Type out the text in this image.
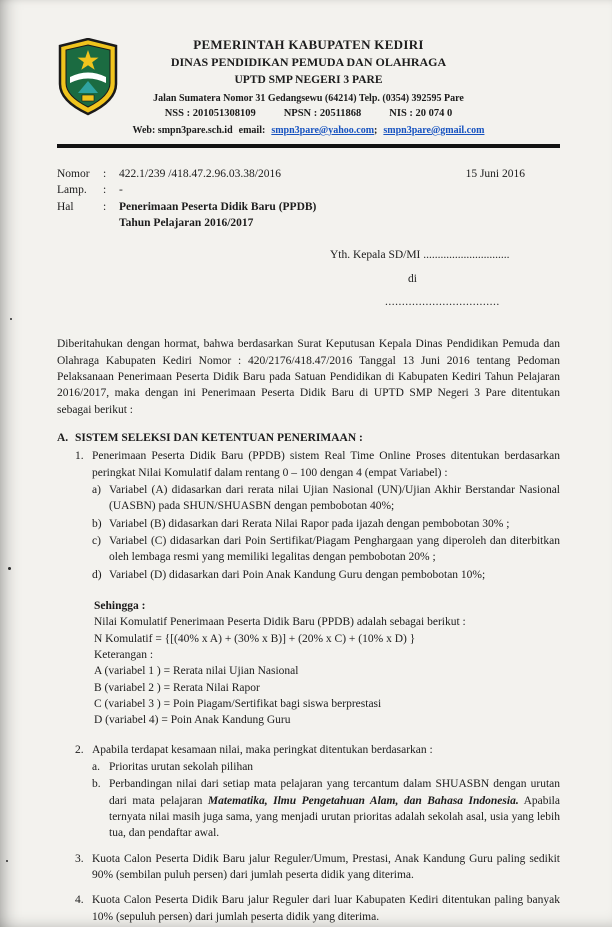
PEMERINTAH KABUPATEN KEDIRI
DINAS PENDIDIKAN PEMUDA DAN OLAHRAGA
UPTD SMP NEGERI 3 PARE
Jalan Sumatera Nomor 31 Gedangsewu (64214) Telp. (0354) 392595 Pare
NSS : 201051308109	NPSN : 20511868	NIS : 20 074 0
Web: smpn3pare.sch.id email: smpn3pare@yahoo.com; smpn3pare@gmail.com
15 Juni 2016
Nomor	:	422.1/239 /418.47.2.96.03.38/2016
Lamp.	:	-
Hal	:	Penerimaan Peserta Didik Baru (PPDB)
Tahun Pelajaran 2016/2017
Yth. Kepala SD/MI ..............................
di
..................................
Diberitahukan dengan hormat, bahwa berdasarkan Surat Keputusan Kepala Dinas Pendidikan Pemuda dan Olahraga Kabupaten Kediri Nomor : 420/2176/418.47/2016 Tanggal 13 Juni 2016 tentang Pedoman Pelaksanaan Penerimaan Peserta Didik Baru pada Satuan Pendidikan di Kabupaten Kediri Tahun Pelajaran 2016/2017, maka dengan ini Penerimaan Peserta Didik Baru di UPTD SMP Negeri 3 Pare ditentukan sebagai berikut :
A. SISTEM SELEKSI DAN KETENTUAN PENERIMAAN :
1. Penerimaan Peserta Didik Baru (PPDB) sistem Real Time Online Proses ditentukan berdasarkan peringkat Nilai Komulatif dalam rentang 0 – 100 dengan 4 (empat Variabel) :
a) Variabel (A) didasarkan dari rerata nilai Ujian Nasional (UN)/Ujian Akhir Berstandar Nasional (UASBN) pada SHUN/SHUASBN dengan pembobotan 40%;
b) Variabel (B) didasarkan dari Rerata Nilai Rapor pada ijazah dengan pembobotan 30% ;
c) Variabel (C) didasarkan dari Poin Sertifikat/Piagam Penghargaan yang diperoleh dan diterbitkan oleh lembaga resmi yang memiliki legalitas dengan pembobotan 20% ;
d) Variabel (D) didasarkan dari Poin Anak Kandung Guru dengan pembobotan 10%;
Sehingga :
Nilai Komulatif Penerimaan Peserta Didik Baru (PPDB) adalah sebagai berikut :
N Komulatif = {[(40% x A) + (30% x B)] + (20% x C) + (10% x D) }
Keterangan :
A (variabel 1 ) = Rerata nilai Ujian Nasional
B (variabel 2 ) = Rerata Nilai Rapor
C (variabel 3 ) = Poin Piagam/Sertifikat bagi siswa berprestasi
D (variabel 4) = Poin Anak Kandung Guru
2. Apabila terdapat kesamaan nilai, maka peringkat ditentukan berdasarkan :
a. Prioritas urutan sekolah pilihan
b. Perbandingan nilai dari setiap mata pelajaran yang tercantum dalam SHUASBN dengan urutan dari mata pelajaran Matematika, Ilmu Pengetahuan Alam, dan Bahasa Indonesia. Apabila ternyata nilai masih juga sama, yang menjadi urutan prioritas adalah sekolah asal, usia yang lebih tua, dan pendaftar awal.
3. Kuota Calon Peserta Didik Baru jalur Reguler/Umum, Prestasi, Anak Kandung Guru paling sedikit 90% (sembilan puluh persen) dari jumlah peserta didik yang diterima.
4. Kuota Calon Peserta Didik Baru jalur Reguler dari luar Kabupaten Kediri ditentukan paling banyak 10% (sepuluh persen) dari jumlah peserta didik yang diterima.
